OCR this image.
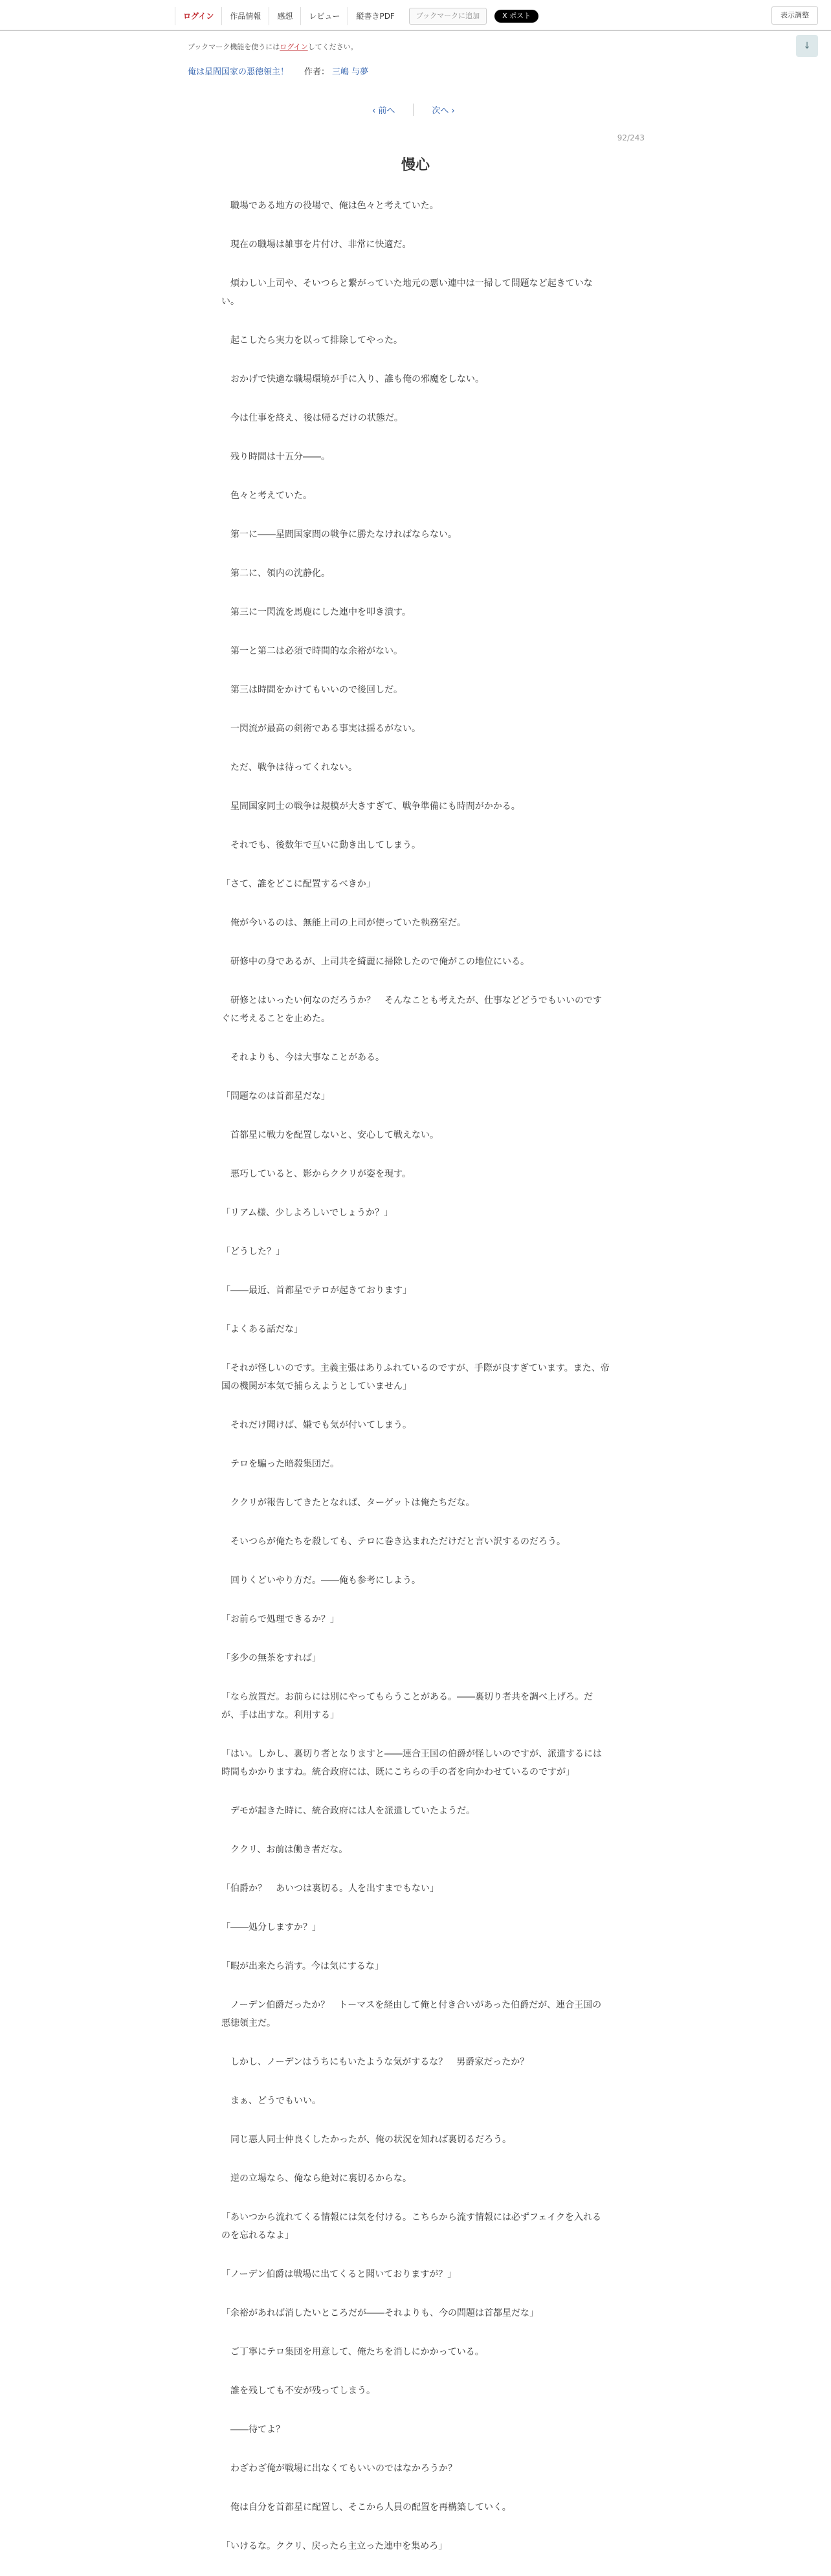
ログイン	作品情報	感想	レビュー	縦書きPDF	ブックマークに追加	X ポスト	表示調整
ブックマーク機能を使うにはログインしてください。	↓
俺は星間国家の悪徳領主！ 作者： 三嶋 与夢
‹ 前へ	次へ ›
92/243
慢心

　職場である地方の役場で、俺は色々と考えていた。

　現在の職場は雑事を片付け、非常に快適だ。

　煩わしい上司や、そいつらと繋がっていた地元の悪い連中は一掃して問題など起きていない。

　起こしたら実力を以って排除してやった。

　おかげで快適な職場環境が手に入り、誰も俺の邪魔をしない。

　今は仕事を終え、後は帰るだけの状態だ。

　残り時間は十五分――。

　色々と考えていた。

　第一に――星間国家間の戦争に勝たなければならない。

　第二に、領内の沈静化。

　第三に一閃流を馬鹿にした連中を叩き潰す。

　第一と第二は必須で時間的な余裕がない。

　第三は時間をかけてもいいので後回しだ。

　一閃流が最高の剣術である事実は揺るがない。

　ただ、戦争は待ってくれない。

　星間国家同士の戦争は規模が大きすぎて、戦争準備にも時間がかかる。

　それでも、後数年で互いに動き出してしまう。

「さて、誰をどこに配置するべきか」

　俺が今いるのは、無能上司の上司が使っていた執務室だ。

　研修中の身であるが、上司共を綺麗に掃除したので俺がこの地位にいる。

　研修とはいったい何なのだろうか？　そんなことも考えたが、仕事などどうでもいいのですぐに考えることを止めた。

　それよりも、今は大事なことがある。

「問題なのは首都星だな」

　首都星に戦力を配置しないと、安心して戦えない。

　悪巧していると、影からククリが姿を現す。

「リアム様、少しよろしいでしょうか？」

「どうした？」

「――最近、首都星でテロが起きております」

「よくある話だな」

「それが怪しいのです。主義主張はありふれているのですが、手際が良すぎています。また、帝国の機関が本気で捕らえようとしていません」

　それだけ聞けば、嫌でも気が付いてしまう。

　テロを騙った暗殺集団だ。

　ククリが報告してきたとなれば、ターゲットは俺たちだな。

　そいつらが俺たちを殺しても、テロに巻き込まれただけだと言い訳するのだろう。

　回りくどいやり方だ。――俺も参考にしよう。

「お前らで処理できるか？」

「多少の無茶をすれば」

「なら放置だ。お前らには別にやってもらうことがある。――裏切り者共を調べ上げろ。だが、手は出すな。利用する」

「はい。しかし、裏切り者となりますと――連合王国の伯爵が怪しいのですが、派遣するには時間もかかりますね。統合政府には、既にこちらの手の者を向かわせているのですが」

　デモが起きた時に、統合政府には人を派遣していたようだ。

　ククリ、お前は働き者だな。

「伯爵か？　あいつは裏切る。人を出すまでもない」

「――処分しますか？」

「暇が出来たら消す。今は気にするな」

　ノーデン伯爵だったか？　トーマスを経由して俺と付き合いがあった伯爵だが、連合王国の悪徳領主だ。

　しかし、ノーデンはうちにもいたような気がするな？　男爵家だったか？

　まぁ、どうでもいい。

　同じ悪人同士仲良くしたかったが、俺の状況を知れば裏切るだろう。

　逆の立場なら、俺なら絶対に裏切るからな。

「あいつから流れてくる情報には気を付ける。こちらから流す情報には必ずフェイクを入れるのを忘れるなよ」

「ノーデン伯爵は戦場に出てくると聞いておりますが？」

「余裕があれば消したいところだが――それよりも、今の問題は首都星だな」

　ご丁寧にテロ集団を用意して、俺たちを消しにかかっている。

　誰を残しても不安が残ってしまう。

　――待てよ？

　わざわざ俺が戦場に出なくてもいいのではなかろうか？

　俺は自分を首都星に配置し、そこから人員の配置を再構築していく。

「いけるな。ククリ、戻ったら主立った連中を集めろ」
